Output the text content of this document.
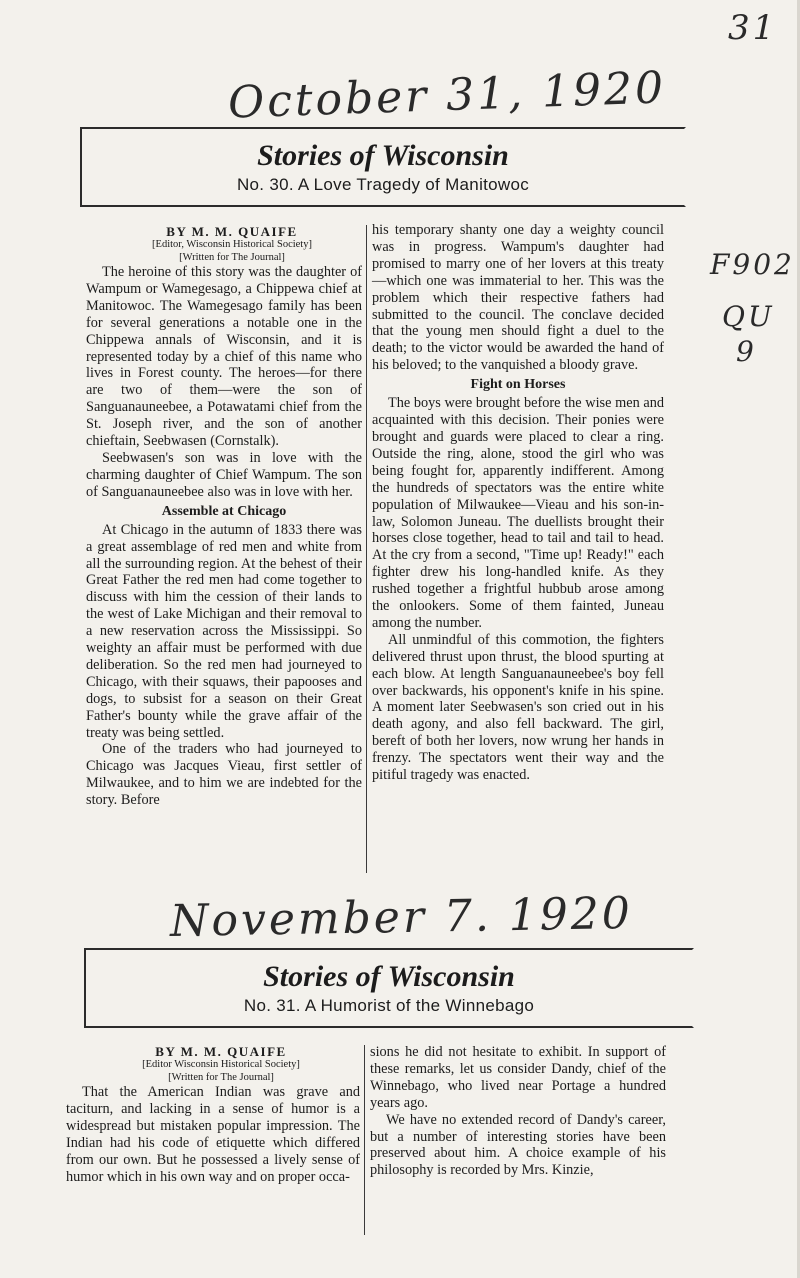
31
October 31, 1920
F902
QU
9
Stories of Wisconsin
No. 30. A Love Tragedy of Manitowoc

BY M. M. QUAIFE

[Editor, Wisconsin Historical Society]

[Written for The Journal]

The heroine of this story was the daughter of Wampum or Wamegesago, a Chippewa chief at Manitowoc. The Wamegesago family has been for several generations a notable one in the Chippewa annals of Wisconsin, and it is represented today by a chief of this name who lives in Forest county. The heroes—for there are two of them—were the son of Sanguanauneebee, a Potawatami chief from the St. Joseph river, and the son of another chieftain, Seebwasen (Cornstalk).

Seebwasen's son was in love with the charming daughter of Chief Wampum. The son of Sanguanauneebee also was in love with her.

Assemble at Chicago

At Chicago in the autumn of 1833 there was a great assemblage of red men and white from all the surrounding region. At the behest of their Great Father the red men had come together to discuss with him the cession of their lands to the west of Lake Michigan and their removal to a new reservation across the Mississippi. So weighty an affair must be performed with due deliberation. So the red men had journeyed to Chicago, with their squaws, their papooses and dogs, to subsist for a season on their Great Father's bounty while the grave affair of the treaty was being settled.

One of the traders who had journeyed to Chicago was Jacques Vieau, first settler of Milwaukee, and to him we are indebted for the story. Before

his temporary shanty one day a weighty council was in progress. Wampum's daughter had promised to marry one of her lovers at this treaty—which one was immaterial to her. This was the problem which their respective fathers had submitted to the council. The conclave decided that the young men should fight a duel to the death; to the victor would be awarded the hand of his beloved; to the vanquished a bloody grave.

Fight on Horses

The boys were brought before the wise men and acquainted with this decision. Their ponies were brought and guards were placed to clear a ring. Outside the ring, alone, stood the girl who was being fought for, apparently indifferent. Among the hundreds of spectators was the entire white population of Milwaukee—Vieau and his son-in-law, Solomon Juneau. The duellists brought their horses close together, head to tail and tail to head. At the cry from a second, "Time up! Ready!" each fighter drew his long-handled knife. As they rushed together a frightful hubbub arose among the onlookers. Some of them fainted, Juneau among the number.

All unmindful of this commotion, the fighters delivered thrust upon thrust, the blood spurting at each blow. At length Sanguanauneebee's boy fell over backwards, his opponent's knife in his spine. A moment later Seebwasen's son cried out in his death agony, and also fell backward. The girl, bereft of both her lovers, now wrung her hands in frenzy. The spectators went their way and the pitiful tragedy was enacted.

November 7. 1920
Stories of Wisconsin
No. 31. A Humorist of the Winnebago

BY M. M. QUAIFE

[Editor Wisconsin Historical Society]

[Written for The Journal]

That the American Indian was grave and taciturn, and lacking in a sense of humor is a widespread but mistaken popular impression. The Indian had his code of etiquette which differed from our own. But he possessed a lively sense of humor which in his own way and on proper occa-

sions he did not hesitate to exhibit. In support of these remarks, let us consider Dandy, chief of the Winnebago, who lived near Portage a hundred years ago.

We have no extended record of Dandy's career, but a number of interesting stories have been preserved about him. A choice example of his philosophy is recorded by Mrs. Kinzie,
